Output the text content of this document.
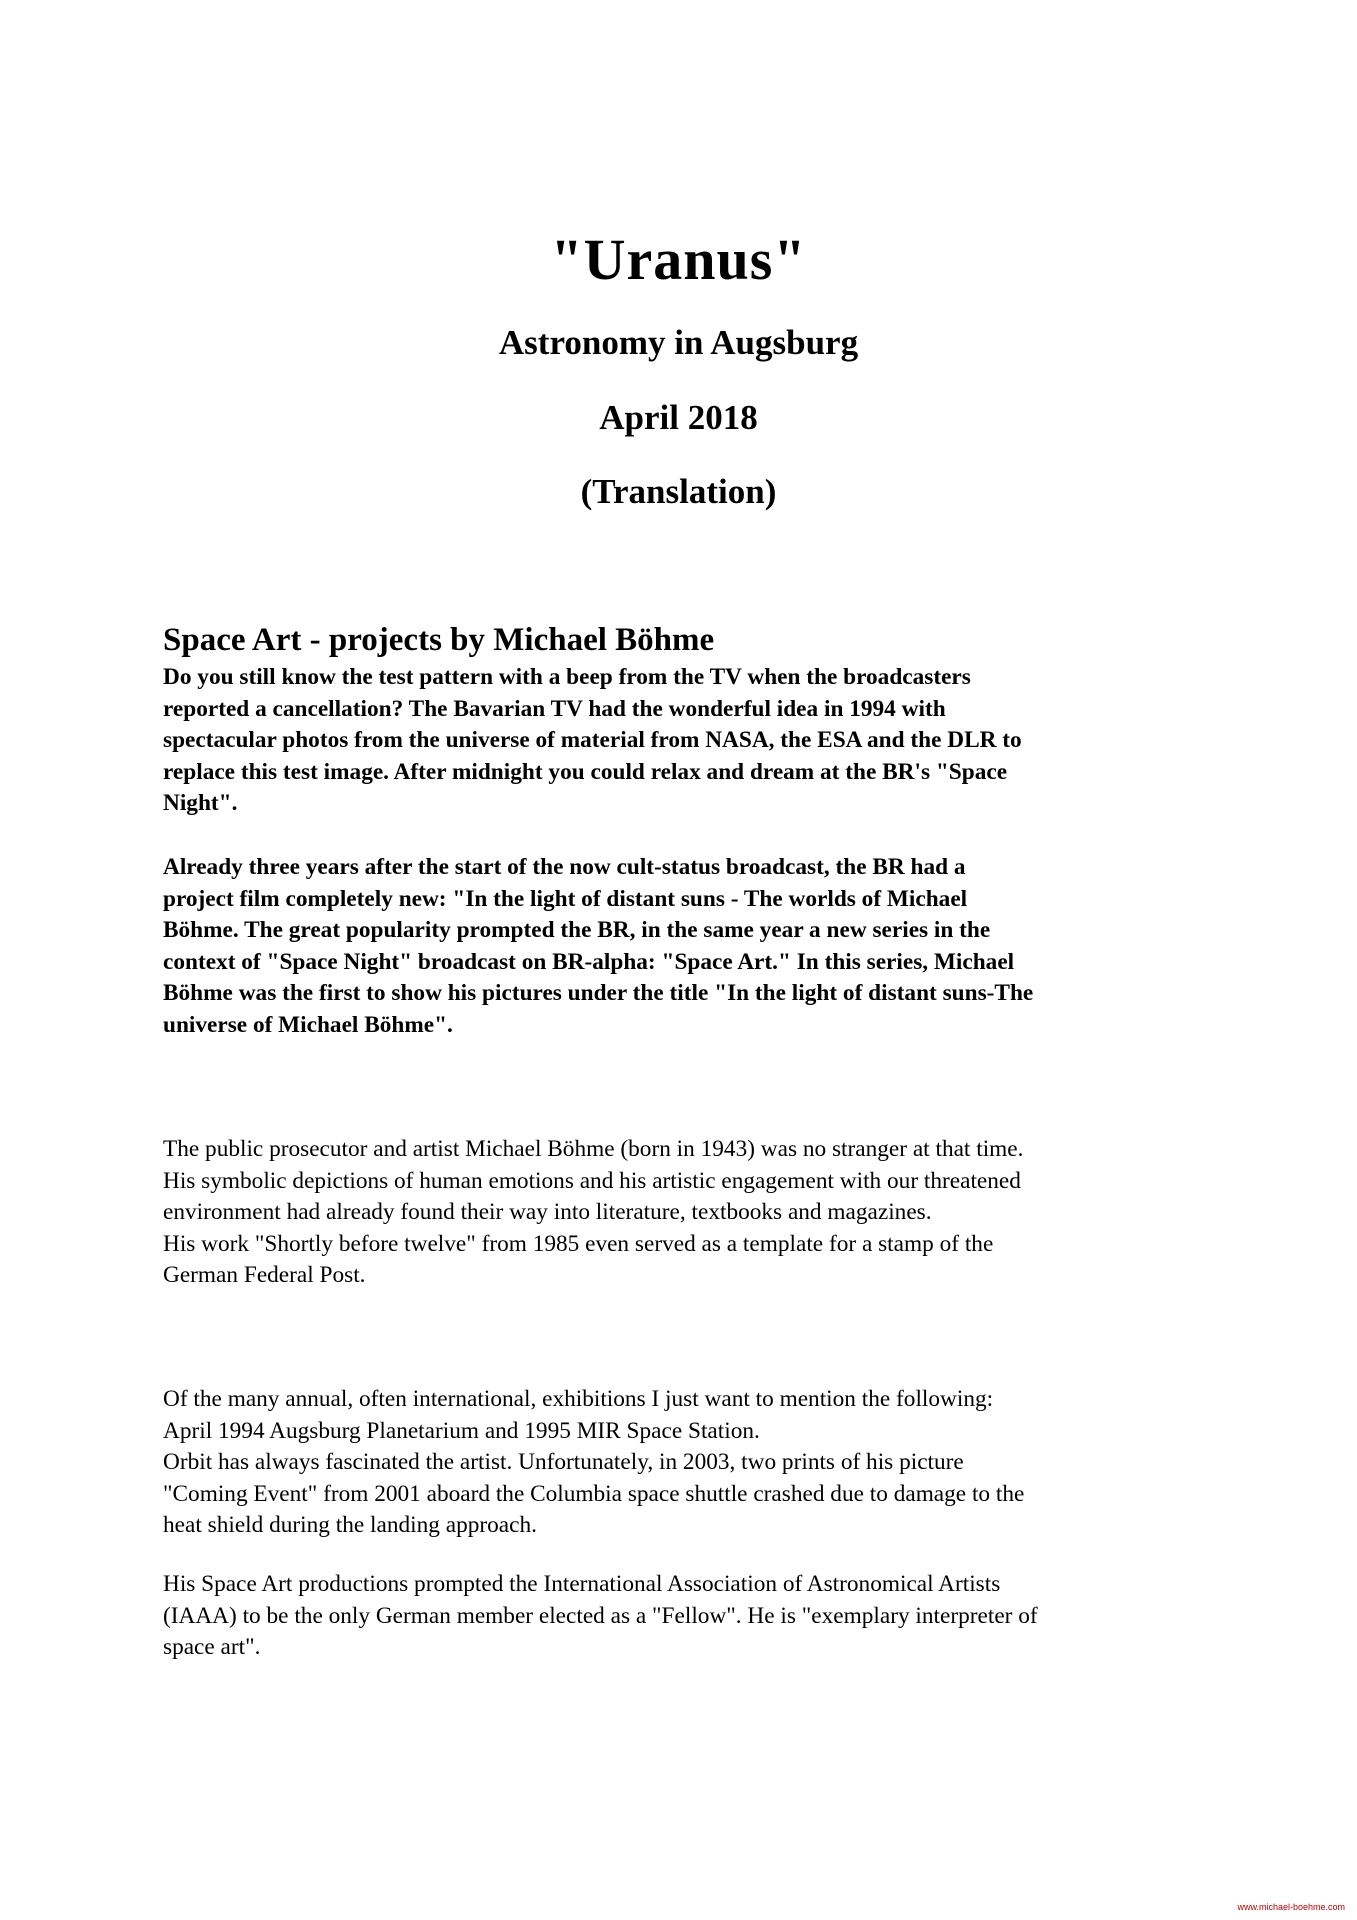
"Uranus"
Astronomy in Augsburg
April 2018
(Translation)
Space Art - projects by Michael Böhme

Do you still know the test pattern with a beep from the TV when the broadcasters
reported a cancellation? The Bavarian TV had the wonderful idea in 1994 with
spectacular photos from the universe of material from NASA, the ESA and the DLR to
replace this test image. After midnight you could relax and dream at the BR's "Space
Night".

Already three years after the start of the now cult-status broadcast, the BR had a
project film completely new: "In the light of distant suns - The worlds of Michael
Böhme. The great popularity prompted the BR, in the same year a new series in the
context of "Space Night" broadcast on BR-alpha: "Space Art." In this series, Michael
Böhme was the first to show his pictures under the title "In the light of distant suns-The
universe of Michael Böhme".

The public prosecutor and artist Michael Böhme (born in 1943) was no stranger at that time.
His symbolic depictions of human emotions and his artistic engagement with our threatened
environment had already found their way into literature, textbooks and magazines.
His work "Shortly before twelve" from 1985 even served as a template for a stamp of the
German Federal Post.

Of the many annual, often international, exhibitions I just want to mention the following:
April 1994 Augsburg Planetarium and 1995 MIR Space Station.
Orbit has always fascinated the artist. Unfortunately, in 2003, two prints of his picture
"Coming Event" from 2001 aboard the Columbia space shuttle crashed due to damage to the
heat shield during the landing approach.

His Space Art productions prompted the International Association of Astronomical Artists
(IAAA) to be the only German member elected as a "Fellow". He is "exemplary interpreter of
space art".

www.michael-boehme.com
